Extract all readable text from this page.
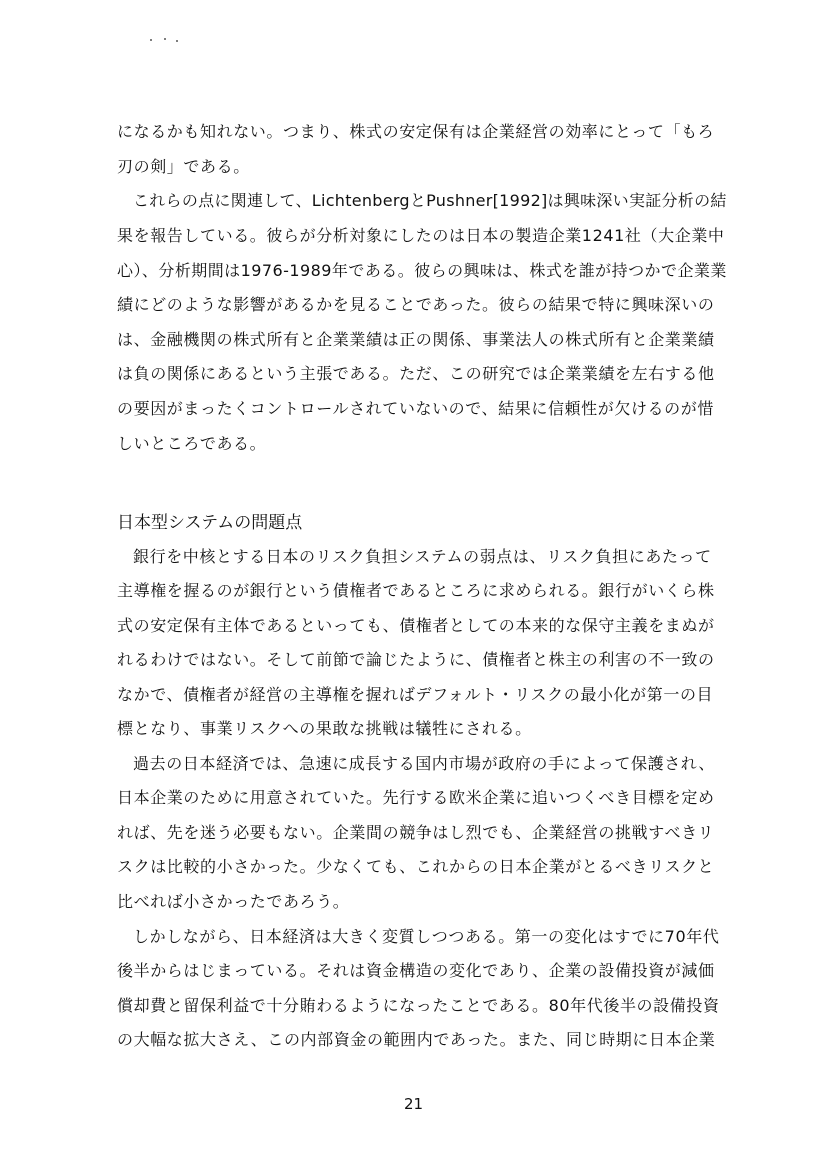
になるかも知れない。つまり、株式の安定保有は企業経営の効率にとって「もろ
刃の剣」である。
これらの点に関連して、LichtenbergとPushner[1992]は興味深い実証分析の結
果を報告している。彼らが分析対象にしたのは日本の製造企業1241社（大企業中
心）、分析期間は1976-1989年である。彼らの興味は、株式を誰が持つかで企業業
績にどのような影響があるかを見ることであった。彼らの結果で特に興味深いの
は、金融機関の株式所有と企業業績は正の関係、事業法人の株式所有と企業業績
は負の関係にあるという主張である。ただ、この研究では企業業績を左右する他
の要因がまったくコントロールされていないので、結果に信頼性が欠けるのが惜
しいところである。
日本型システムの問題点
銀行を中核とする日本のリスク負担システムの弱点は、リスク負担にあたって
主導権を握るのが銀行という債権者であるところに求められる。銀行がいくら株
式の安定保有主体であるといっても、債権者としての本来的な保守主義をまぬが
れるわけではない。そして前節で論じたように、債権者と株主の利害の不一致の
なかで、債権者が経営の主導権を握ればデフォルト・リスクの最小化が第一の目
標となり、事業リスクへの果敢な挑戦は犠牲にされる。
過去の日本経済では、急速に成長する国内市場が政府の手によって保護され、
日本企業のために用意されていた。先行する欧米企業に追いつくべき目標を定め
れば、先を迷う必要もない。企業間の競争はし烈でも、企業経営の挑戦すべきリ
スクは比較的小さかった。少なくても、これからの日本企業がとるべきリスクと
比べれば小さかったであろう。
しかしながら、日本経済は大きく変質しつつある。第一の変化はすでに70年代
後半からはじまっている。それは資金構造の変化であり、企業の設備投資が減価
償却費と留保利益で十分賄わるようになったことである。80年代後半の設備投資
の大幅な拡大さえ、この内部資金の範囲内であった。また、同じ時期に日本企業
21
